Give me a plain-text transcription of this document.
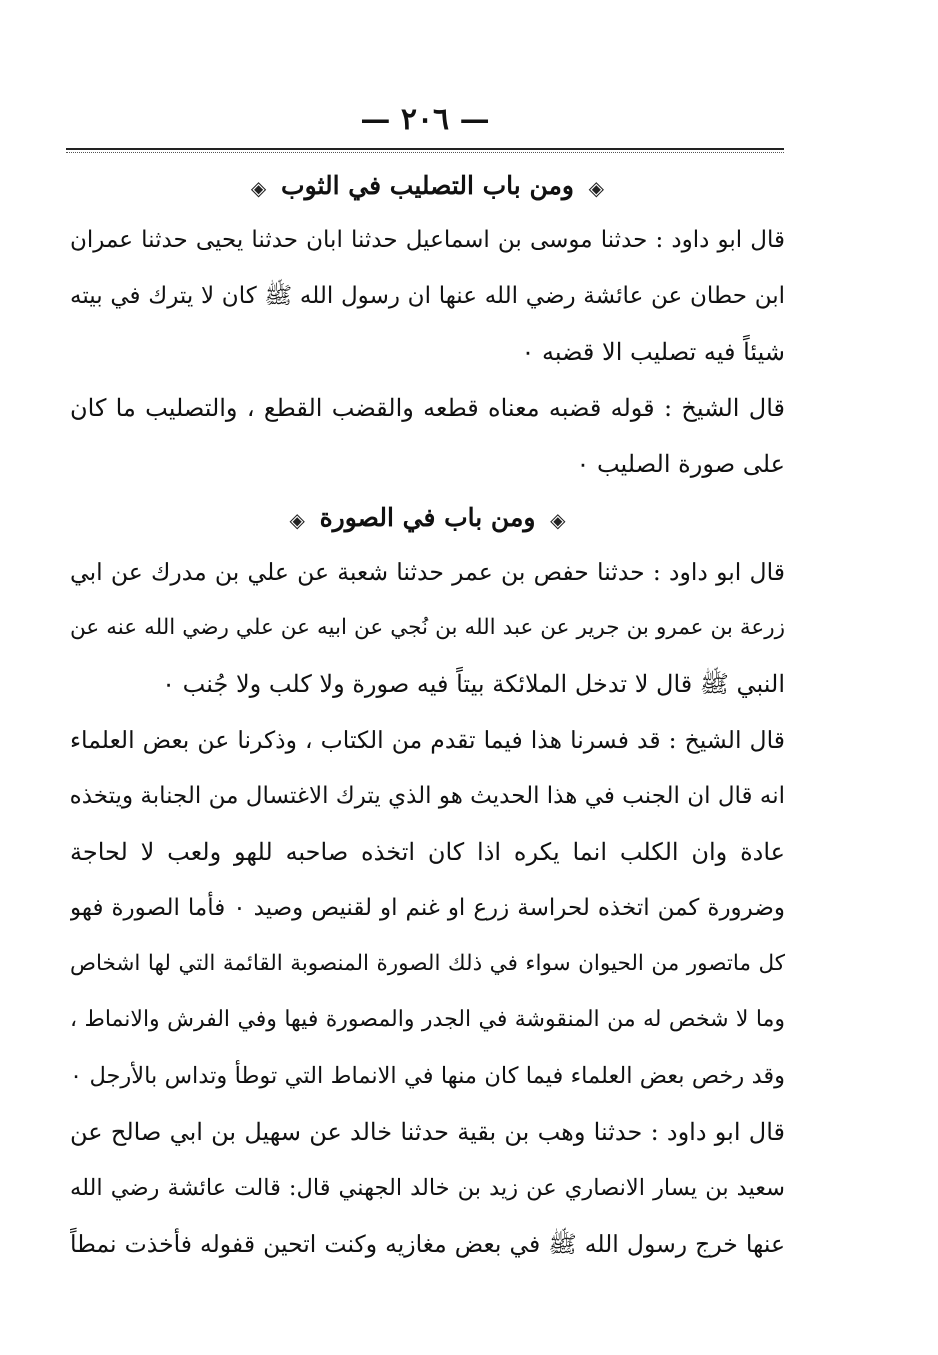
— ٢٠٦ —
◈ ومن باب التصليب في الثوب ◈
قال ابو داود : حدثنا موسى بن اسماعيل حدثنا ابان حدثنا يحيى حدثنا عمران
ابن حطان عن عائشة رضي الله عنها ان رسول الله ﷺ كان لا يترك في بيته
شيئاً فيه تصليب الا قضبه ٠
قال الشيخ : قوله قضبه معناه قطعه والقضب القطع ، والتصليب ما كان
على صورة الصليب ٠
◈ ومن باب في الصورة ◈
قال ابو داود : حدثنا حفص بن عمر حدثنا شعبة عن علي بن مدرك عن ابي
زرعة بن عمرو بن جرير عن عبد الله بن نُجي عن ابيه عن علي رضي الله عنه عن
النبي ﷺ قال لا تدخل الملائكة بيتاً فيه صورة ولا كلب ولا جُنب ٠
قال الشيخ : قد فسرنا هذا فيما تقدم من الكتاب ، وذكرنا عن بعض العلماء
انه قال ان الجنب في هذا الحديث هو الذي يترك الاغتسال من الجنابة ويتخذه
عادة وان الكلب انما يكره اذا كان اتخذه صاحبه للهو ولعب لا لحاجة
وضرورة كمن اتخذه لحراسة زرع او غنم او لقنيص وصيد ٠ فأما الصورة فهو
كل ماتصور من الحيوان سواء في ذلك الصورة المنصوبة القائمة التي لها اشخاص
وما لا شخص له من المنقوشة في الجدر والمصورة فيها وفي الفرش والانماط ،
وقد رخص بعض العلماء فيما كان منها في الانماط التي توطأ وتداس بالأرجل ٠
قال ابو داود : حدثنا وهب بن بقية حدثنا خالد عن سهيل بن ابي صالح عن
سعيد بن يسار الانصاري عن زيد بن خالد الجهني قال: قالت عائشة رضي الله
عنها خرج رسول الله ﷺ في بعض مغازيه وكنت اتحين قفوله فأخذت نمطاً
